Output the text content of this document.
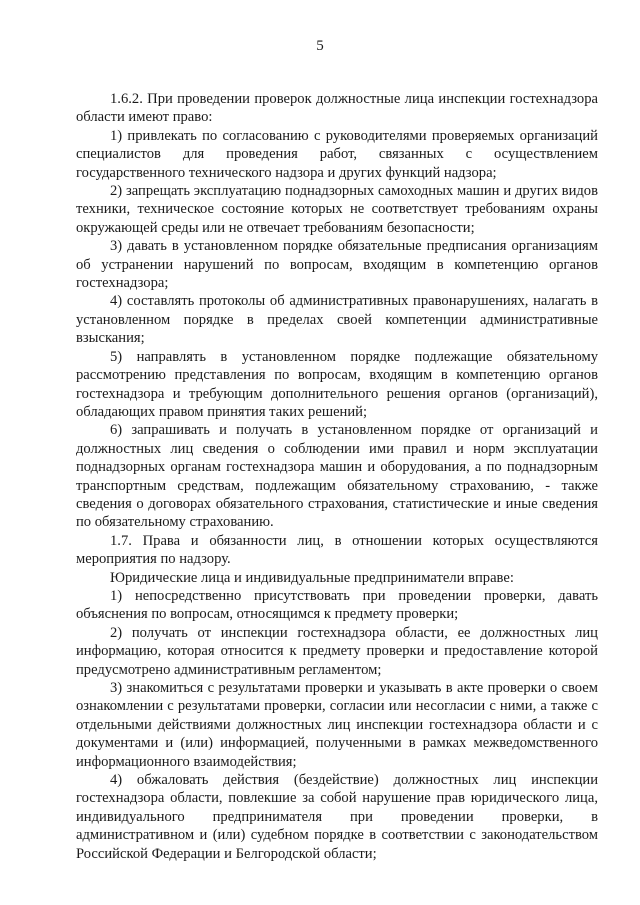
5

1.6.2. При проведении проверок должностные лица инспекции гостехнадзора области имеют право:

1) привлекать по согласованию с руководителями проверяемых организаций специалистов для проведения работ, связанных с осуществлением государственного технического надзора и других функций надзора;

2) запрещать эксплуатацию поднадзорных самоходных машин и других видов техники, техническое состояние которых не соответствует требованиям охраны окружающей среды или не отвечает требованиям безопасности;

3) давать в установленном порядке обязательные предписания организациям об устранении нарушений по вопросам, входящим в компетенцию органов гостехнадзора;

4) составлять протоколы об административных правонарушениях, налагать в установленном порядке в пределах своей компетенции административные взыскания;

5) направлять в установленном порядке подлежащие обязательному рассмотрению представления по вопросам, входящим в компетенцию органов гостехнадзора и требующим дополнительного решения органов (организаций), обладающих правом принятия таких решений;

6) запрашивать и получать в установленном порядке от организаций и должностных лиц сведения о соблюдении ими правил и норм эксплуатации поднадзорных органам гостехнадзора машин и оборудования, а по поднадзорным транспортным средствам, подлежащим обязательному страхованию, - также сведения о договорах обязательного страхования, статистические и иные сведения по обязательному страхованию.

1.7. Права и обязанности лиц, в отношении которых осуществляются мероприятия по надзору.

Юридические лица и индивидуальные предприниматели вправе:

1) непосредственно присутствовать при проведении проверки, давать объяснения по вопросам, относящимся к предмету проверки;

2) получать от инспекции гостехнадзора области, ее должностных лиц информацию, которая относится к предмету проверки и предоставление которой предусмотрено административным регламентом;

3) знакомиться с результатами проверки и указывать в акте проверки о своем ознакомлении с результатами проверки, согласии или несогласии с ними, а также с отдельными действиями должностных лиц инспекции гостехнадзора области и с документами и (или) информацией, полученными в рамках межведомственного информационного взаимодействия;

4) обжаловать действия (бездействие) должностных лиц инспекции гостехнадзора области, повлекшие за собой нарушение прав юридического лица, индивидуального предпринимателя при проведении проверки, в административном и (или) судебном порядке в соответствии с законодательством Российской Федерации и Белгородской области;
